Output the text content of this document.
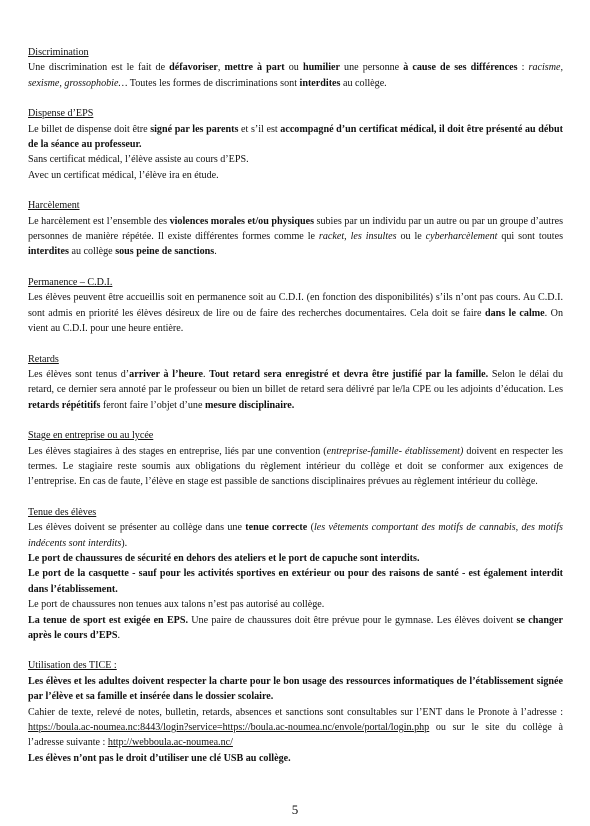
Discrimination

Une discrimination est le fait de défavoriser, mettre à part ou humilier une personne à cause de ses différences : racisme, sexisme, grossophobie… Toutes les formes de discriminations sont interdites au collège.

Dispense d’EPS

Le billet de dispense doit être signé par les parents et s’il est accompagné d’un certificat médical, il doit être présenté au début de la séance au professeur.

Sans certificat médical, l’élève assiste au cours d’EPS.

Avec un certificat médical, l’élève ira en étude.

Harcèlement

Le harcèlement est l’ensemble des violences morales et/ou physiques subies par un individu par un autre ou par un groupe d’autres personnes de manière répétée. Il existe différentes formes comme le racket, les insultes ou le cyberharcèlement qui sont toutes interdites au collège sous peine de sanctions.

Permanence – C.D.I.

Les élèves peuvent être accueillis soit en permanence soit au C.D.I. (en fonction des disponibilités) s’ils n’ont pas cours. Au C.D.I. sont admis en priorité les élèves désireux de lire ou de faire des recherches documentaires. Cela doit se faire dans le calme. On vient au C.D.I. pour une heure entière.

Retards

Les élèves sont tenus d’arriver à l’heure. Tout retard sera enregistré et devra être justifié par la famille. Selon le délai du retard, ce dernier sera annoté par le professeur ou bien un billet de retard sera délivré par le/la CPE ou les adjoints d’éducation. Les retards répétitifs feront faire l’objet d’une mesure disciplinaire.

Stage en entreprise ou au lycée

Les élèves stagiaires à des stages en entreprise, liés par une convention (entreprise-famille- établissement) doivent en respecter les termes. Le stagiaire reste soumis aux obligations du règlement intérieur du collège et doit se conformer aux exigences de l’entreprise. En cas de faute, l’élève en stage est passible de sanctions disciplinaires prévues au règlement intérieur du collège.

Tenue des élèves

Les élèves doivent se présenter au collège dans une tenue correcte (les vêtements comportant des motifs de cannabis, des motifs indécents sont interdits).

Le port de chaussures de sécurité en dehors des ateliers et le port de capuche sont interdits.

Le port de la casquette - sauf pour les activités sportives en extérieur ou pour des raisons de santé - est également interdit dans l’établissement.

Le port de chaussures non tenues aux talons n’est pas autorisé au collège.

La tenue de sport est exigée en EPS. Une paire de chaussures doit être prévue pour le gymnase. Les élèves doivent se changer après le cours d’EPS.

Utilisation des TICE :

Les élèves et les adultes doivent respecter la charte pour le bon usage des ressources informatiques de l’établissement signée par l’élève et sa famille et insérée dans le dossier scolaire.

Cahier de texte, relevé de notes, bulletin, retards, absences et sanctions sont consultables sur l’ENT dans le Pronote à l’adresse : https://boula.ac-noumea.nc:8443/login?service=https://boula.ac-noumea.nc/envole/portal/login.php ou sur le site du collège à l’adresse suivante : http://webboula.ac-noumea.nc/

Les élèves n’ont pas le droit d’utiliser une clé USB au collège.

5
